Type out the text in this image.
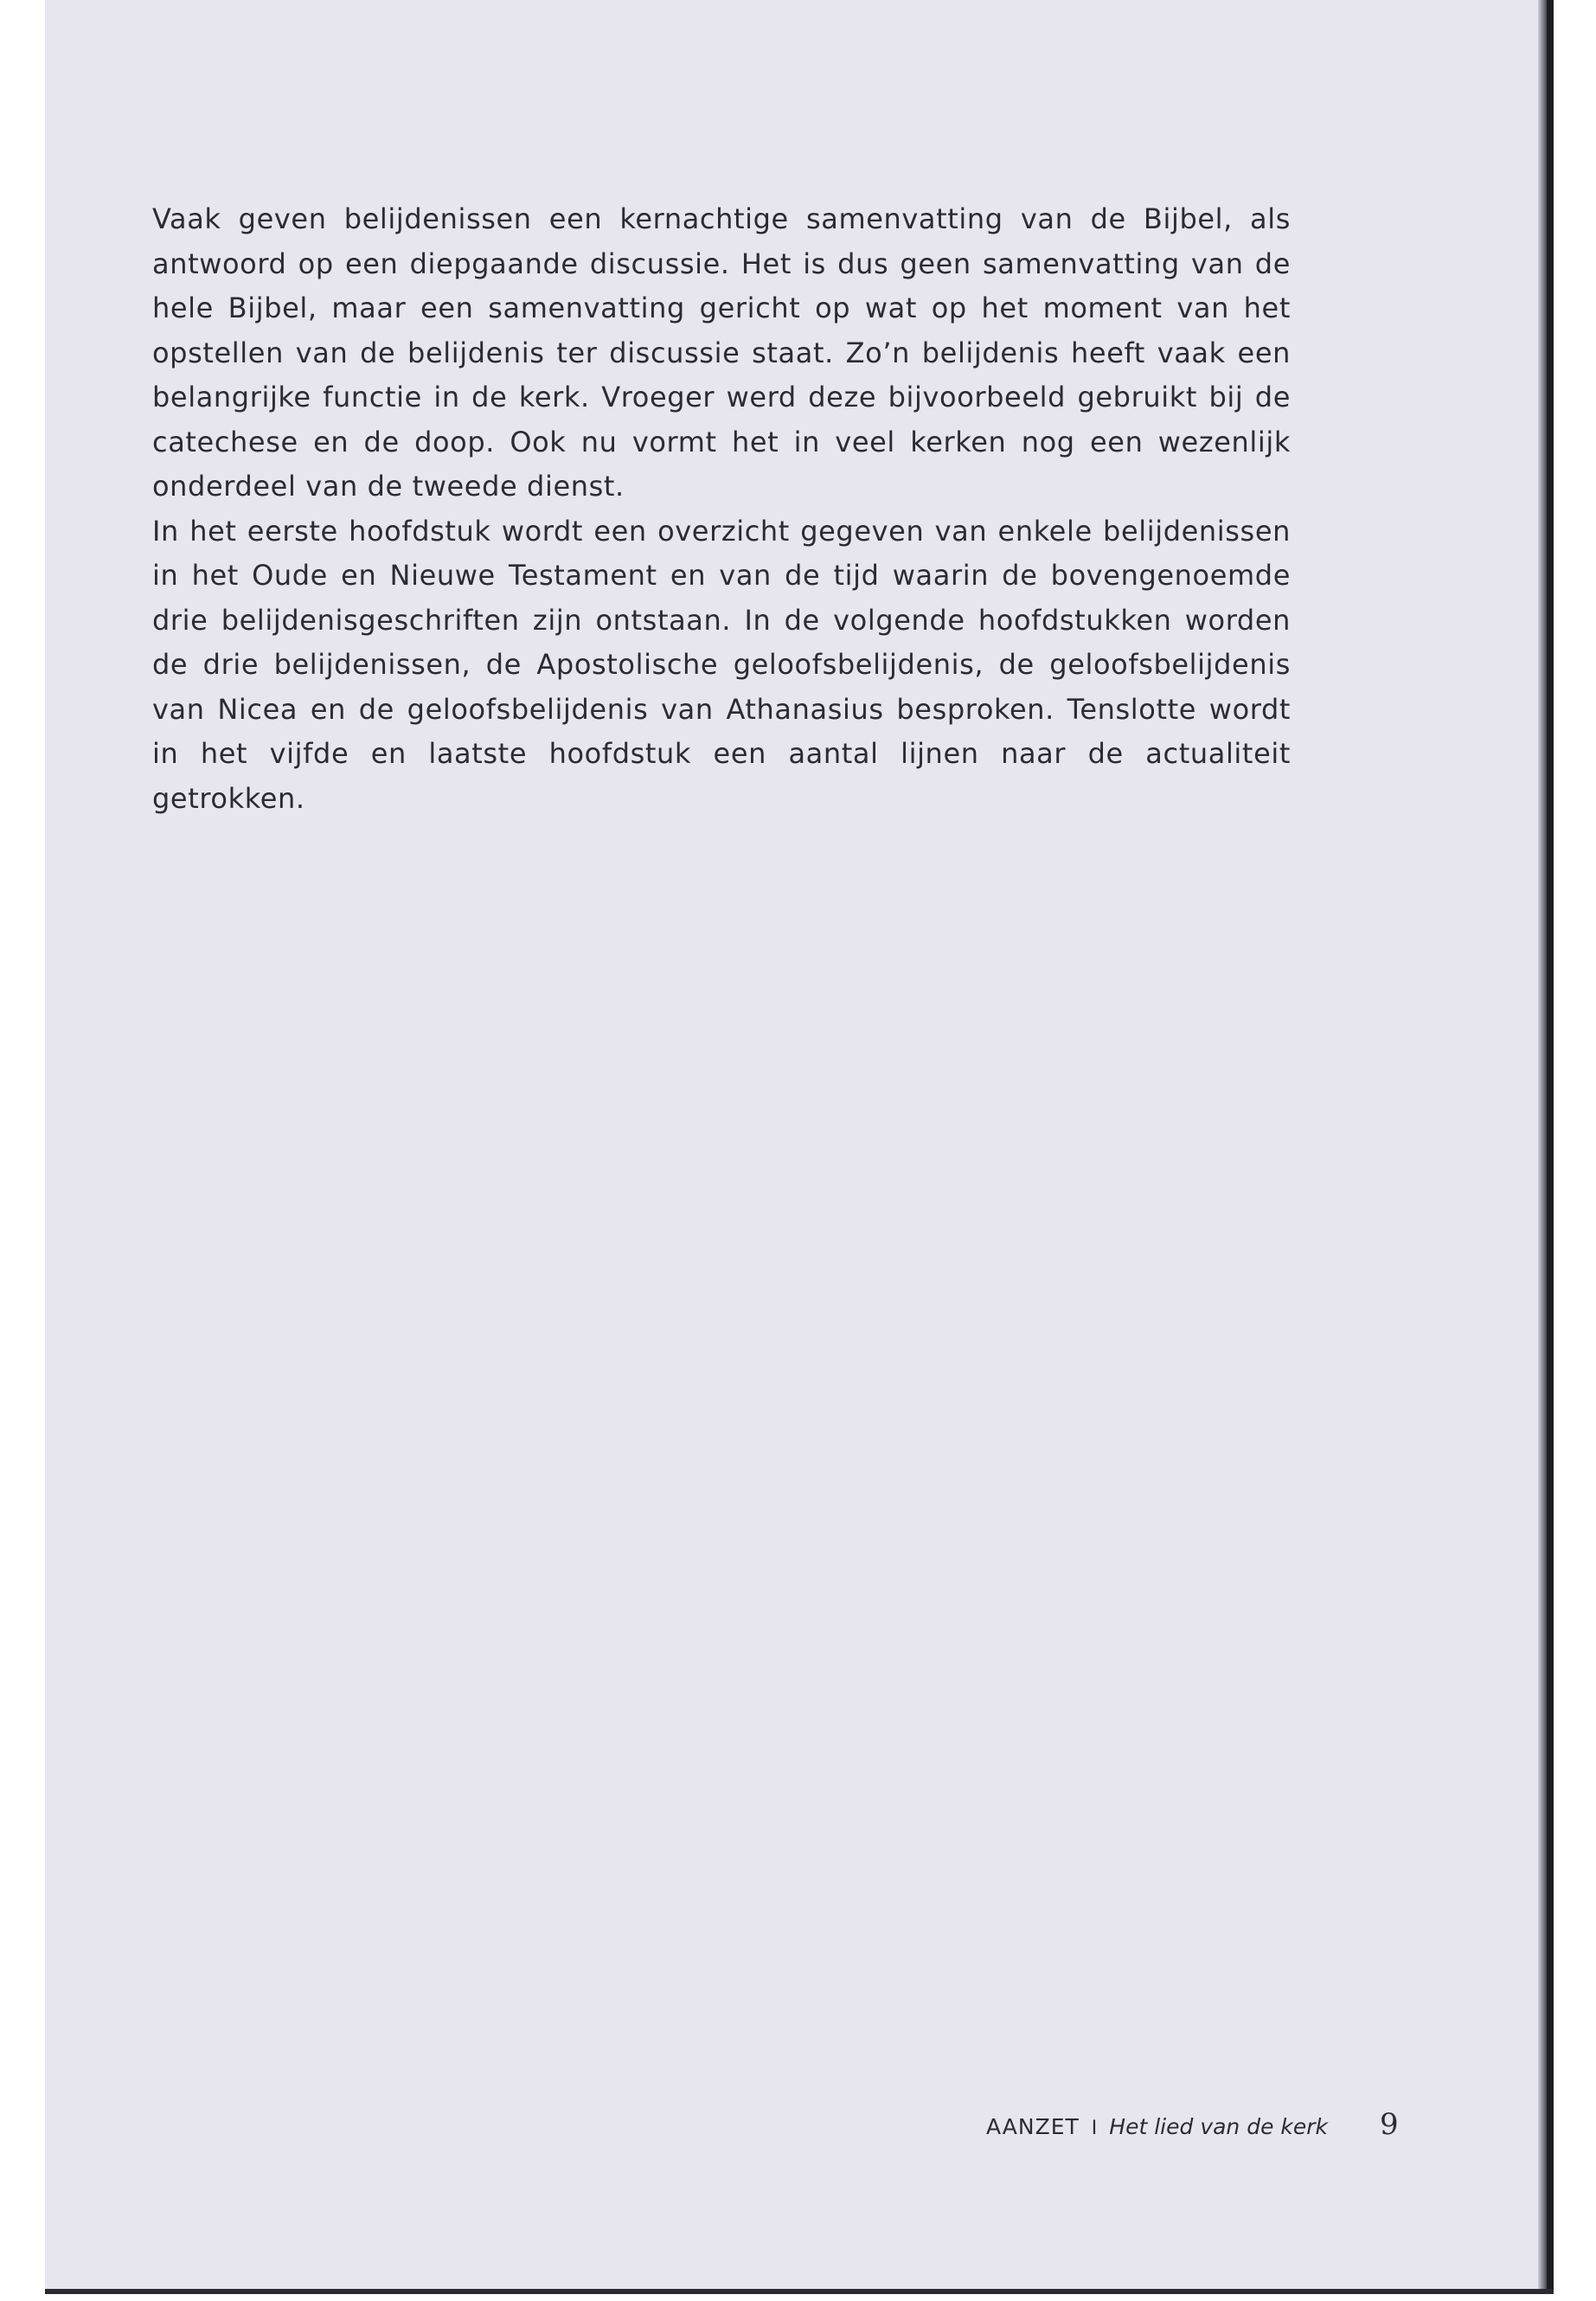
Vaak geven belijdenissen een kernachtige samenvatting van de Bijbel, als antwoord op een diepgaande discussie. Het is dus geen samenvatting van de hele Bijbel, maar een samenvatting gericht op wat op het moment van het opstellen van de belijdenis ter discussie staat. Zo’n belijdenis heeft vaak een belangrijke functie in de kerk. Vroeger werd deze bijvoorbeeld gebruikt bij de catechese en de doop. Ook nu vormt het in veel kerken nog een wezenlijk onderdeel van de tweede dienst.

In het eerste hoofdstuk wordt een overzicht gegeven van enkele belijdenissen in het Oude en Nieuwe Testament en van de tijd waarin de bovengenoemde drie belijdenisgeschriften zijn ontstaan. In de volgende hoofdstukken worden de drie belijdenissen, de Apostolische geloofsbelijdenis, de geloofsbelijdenis van Nicea en de geloofsbelijdenis van Athanasius besproken. Tenslotte wordt in het vijfde en laatste hoofdstuk een aantal lijnen naar de actualiteit getrokken.

AANZET I Het lied van de kerk	9
